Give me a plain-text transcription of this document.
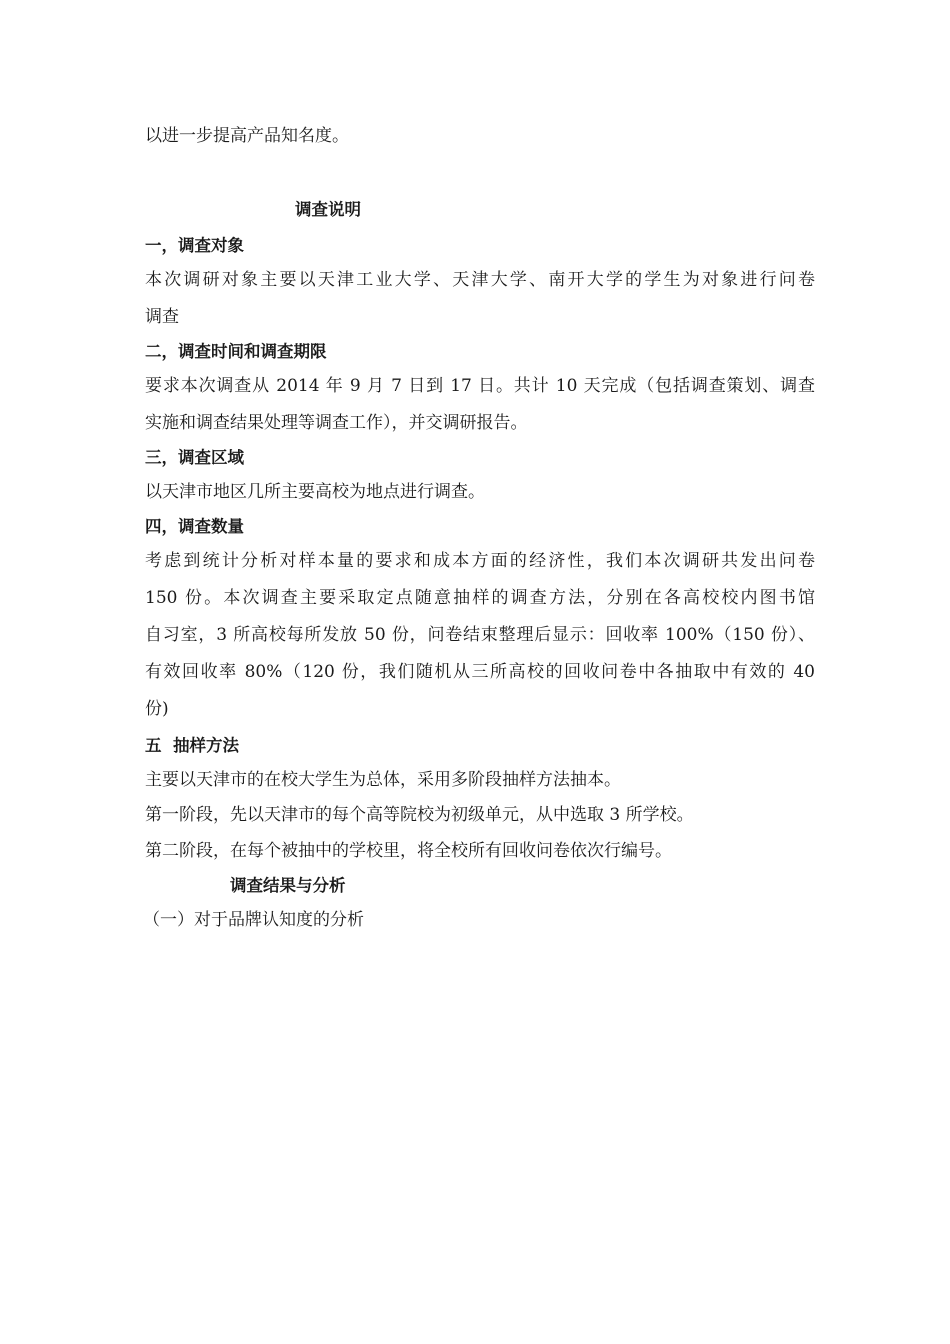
以进一步提高产品知名度。
调查说明
一，调查对象
本次调研对象主要以天津工业大学、天津大学、南开大学的学生为对象进行问卷
调查
二，调查时间和调查期限
要求本次调查从 2014 年 9 月 7 日到 17 日。共计 10 天完成（包括调查策划、调查
实施和调查结果处理等调查工作），并交调研报告。
三，调查区域
以天津市地区几所主要高校为地点进行调查。
四，调查数量
考虑到统计分析对样本量的要求和成本方面的经济性，我们本次调研共发出问卷
150 份。本次调查主要采取定点随意抽样的调查方法，分别在各高校校内图书馆
自习室，3 所高校每所发放 50 份，问卷结束整理后显示：回收率 100%（150 份）、
有效回收率 80%（120 份，我们随机从三所高校的回收问卷中各抽取中有效的 40
份)
五  抽样方法
主要以天津市的在校大学生为总体，采用多阶段抽样方法抽本。
第一阶段，先以天津市的每个高等院校为初级单元，从中选取 3 所学校。
第二阶段，在每个被抽中的学校里，将全校所有回收问卷依次行编号。
调查结果与分析
（一）对于品牌认知度的分析
